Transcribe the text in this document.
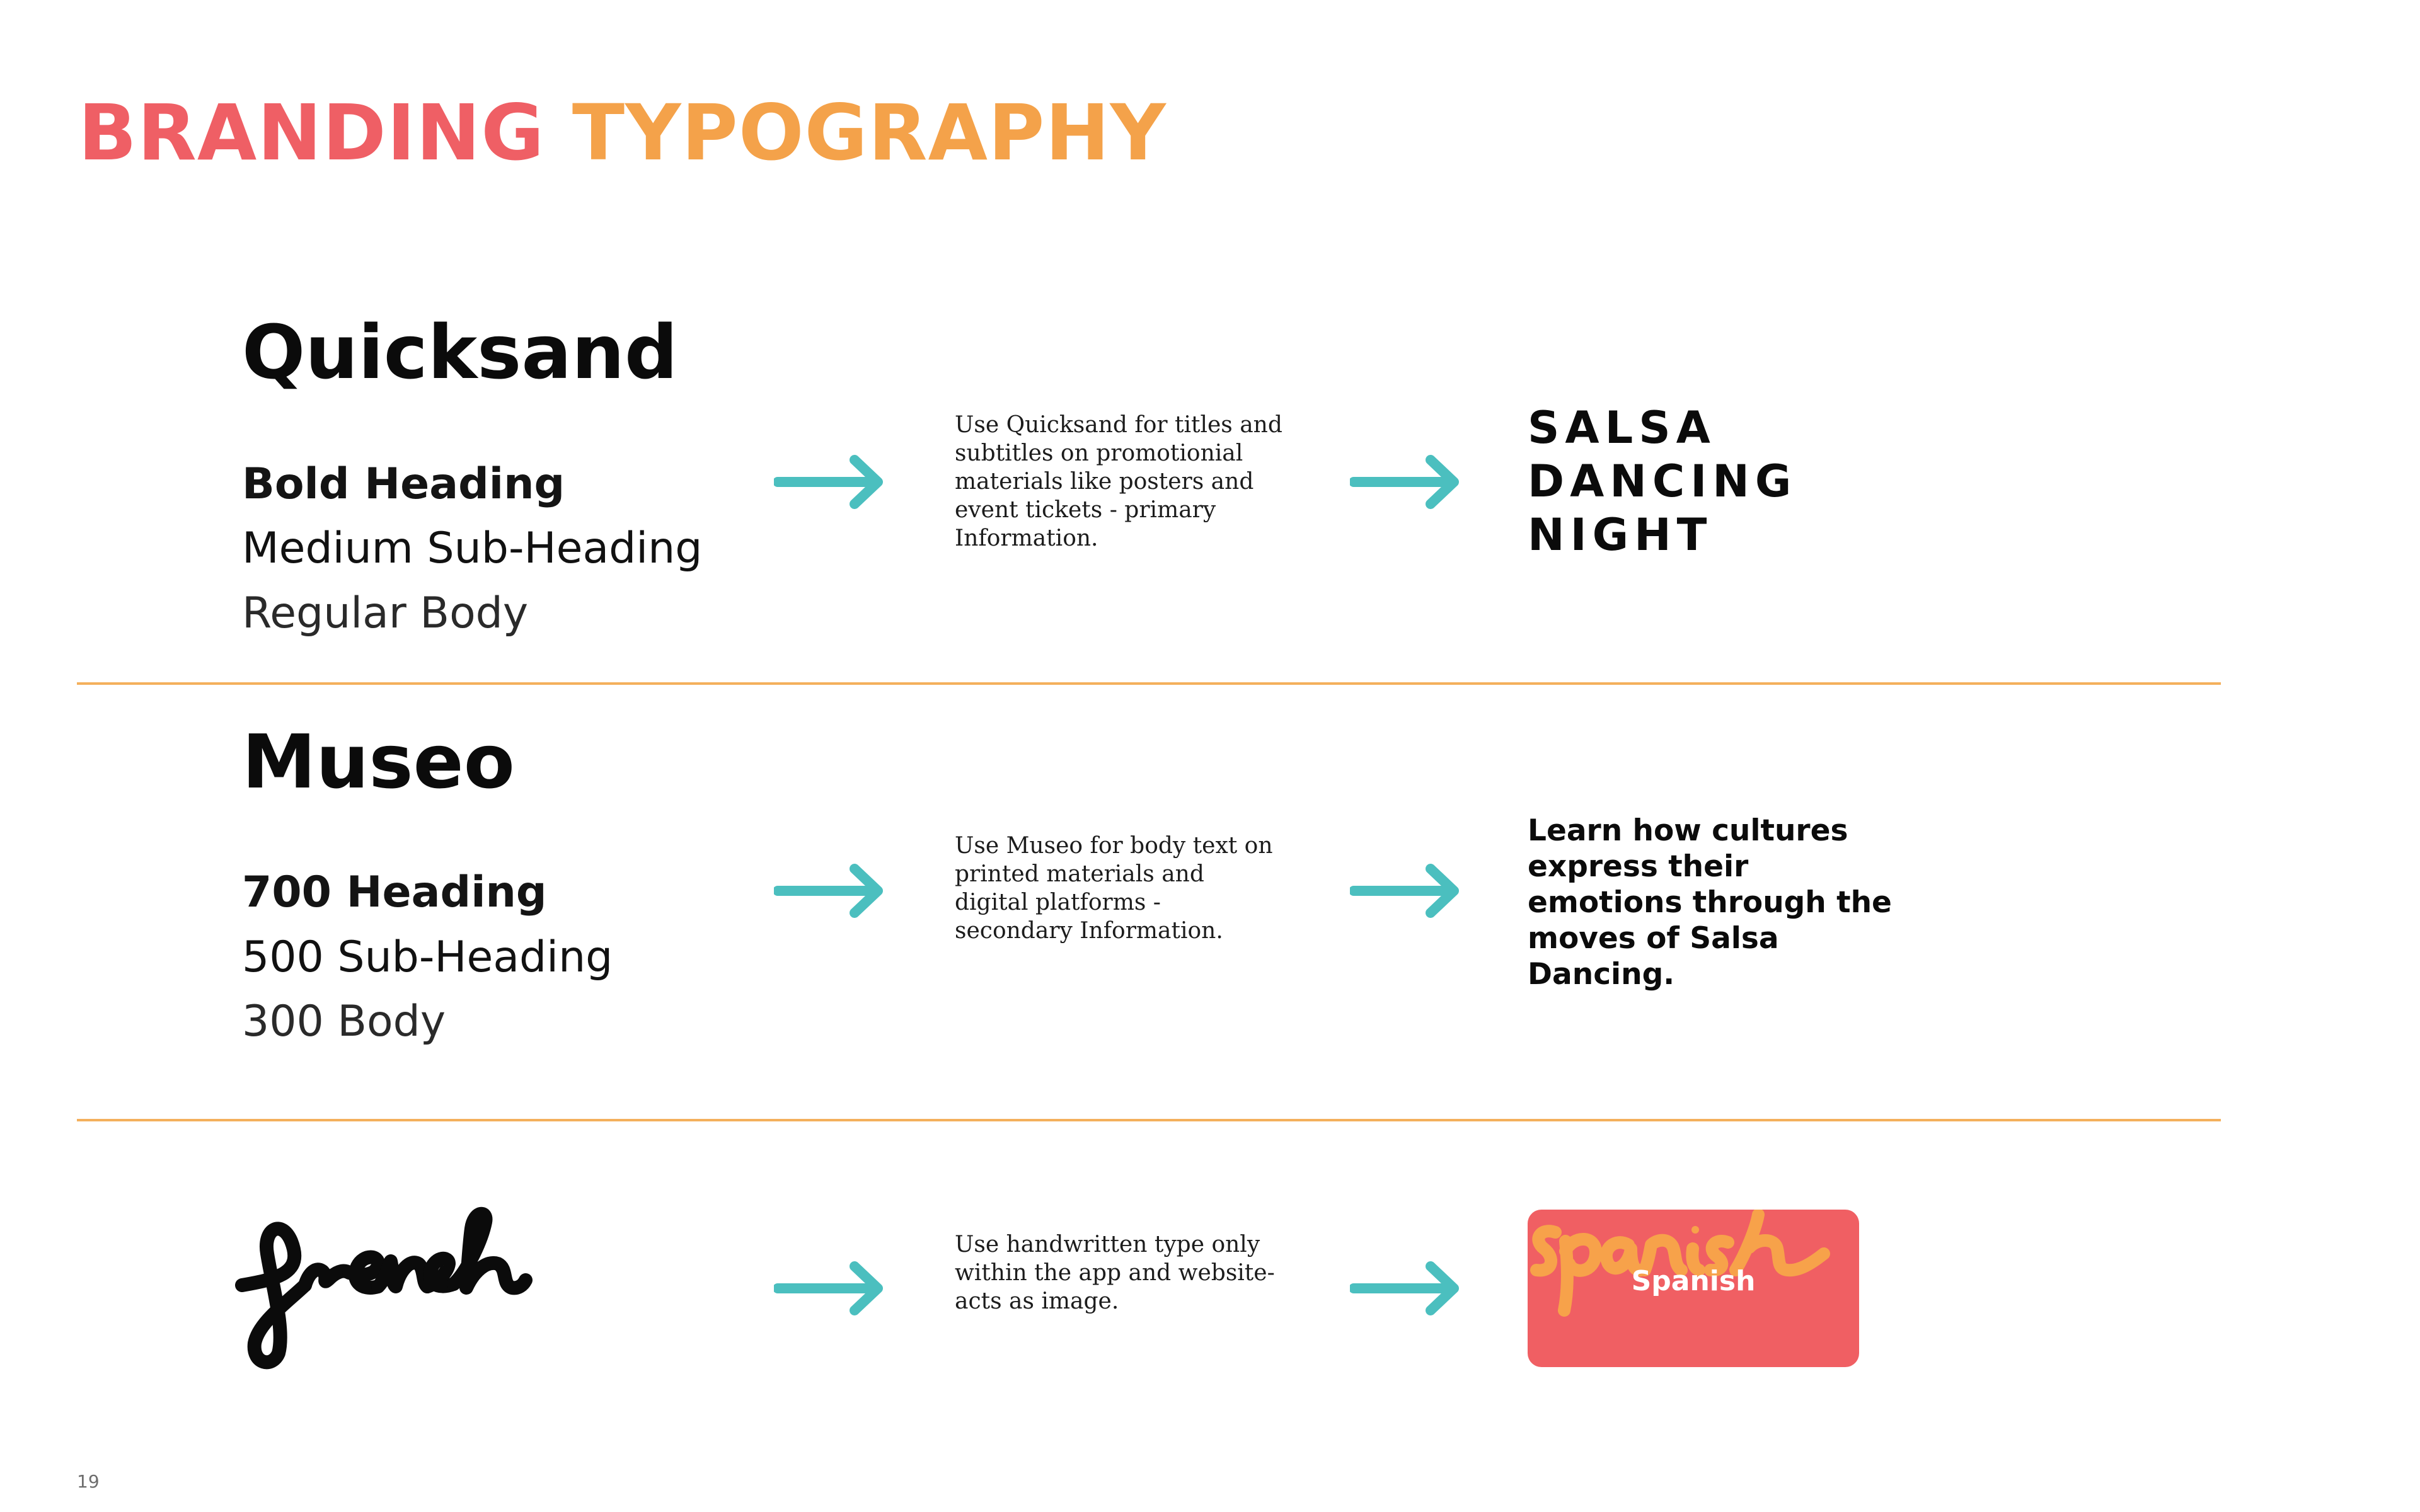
BRANDING TYPOGRAPHY
Quicksand
Bold Heading
Medium Sub-Heading
Regular Body
Use Quicksand for titles and subtitles on promotionial materials like posters and event tickets - primary Information.
SALSA
DANCING
NIGHT
Museo
700 Heading
500 Sub-Heading
300 Body
Use Museo for body text on printed materials and digital platforms - secondary Information.
Learn how cultures express their emotions through the moves of Salsa Dancing.
Use handwritten type only within the app and website- acts as image.
Spanish
19
